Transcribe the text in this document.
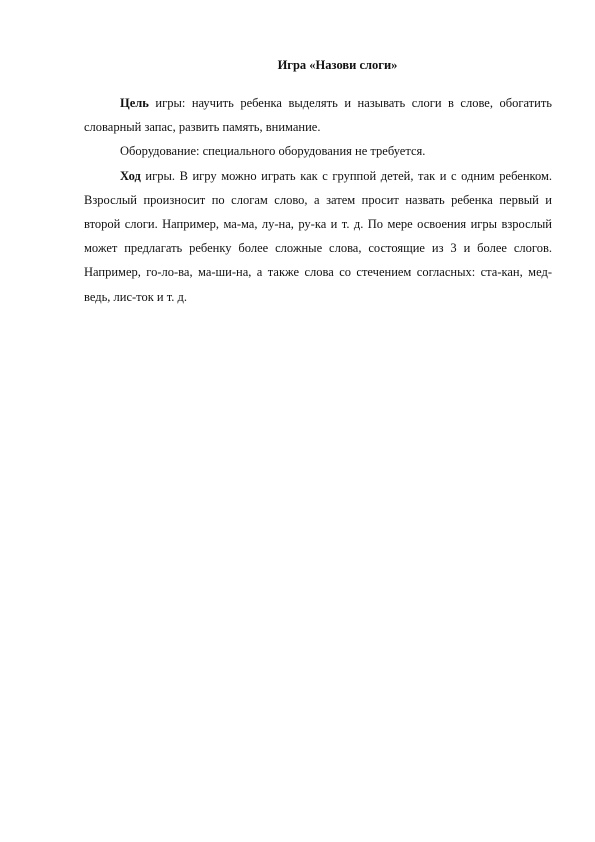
Игра «Назови слоги»

Цель игры: научить ребенка выделять и называть слоги в слове, обогатить словарный запас, развить память, внимание.

Оборудование: специального оборудования не требуется.

Ход игры. В игру можно играть как с группой детей, так и с одним ребенком. Взрослый произносит по слогам слово, а затем просит назвать ребенка первый и второй слоги. Например, ма-ма, лу-на, ру-ка и т. д. По мере освоения игры взрослый может предлагать ребенку более сложные слова, состоящие из 3 и более слогов. Например, го-ло-ва, ма-ши-на, а также слова со стечением согласных: ста-кан, мед-ведь, лис-ток и т. д.
